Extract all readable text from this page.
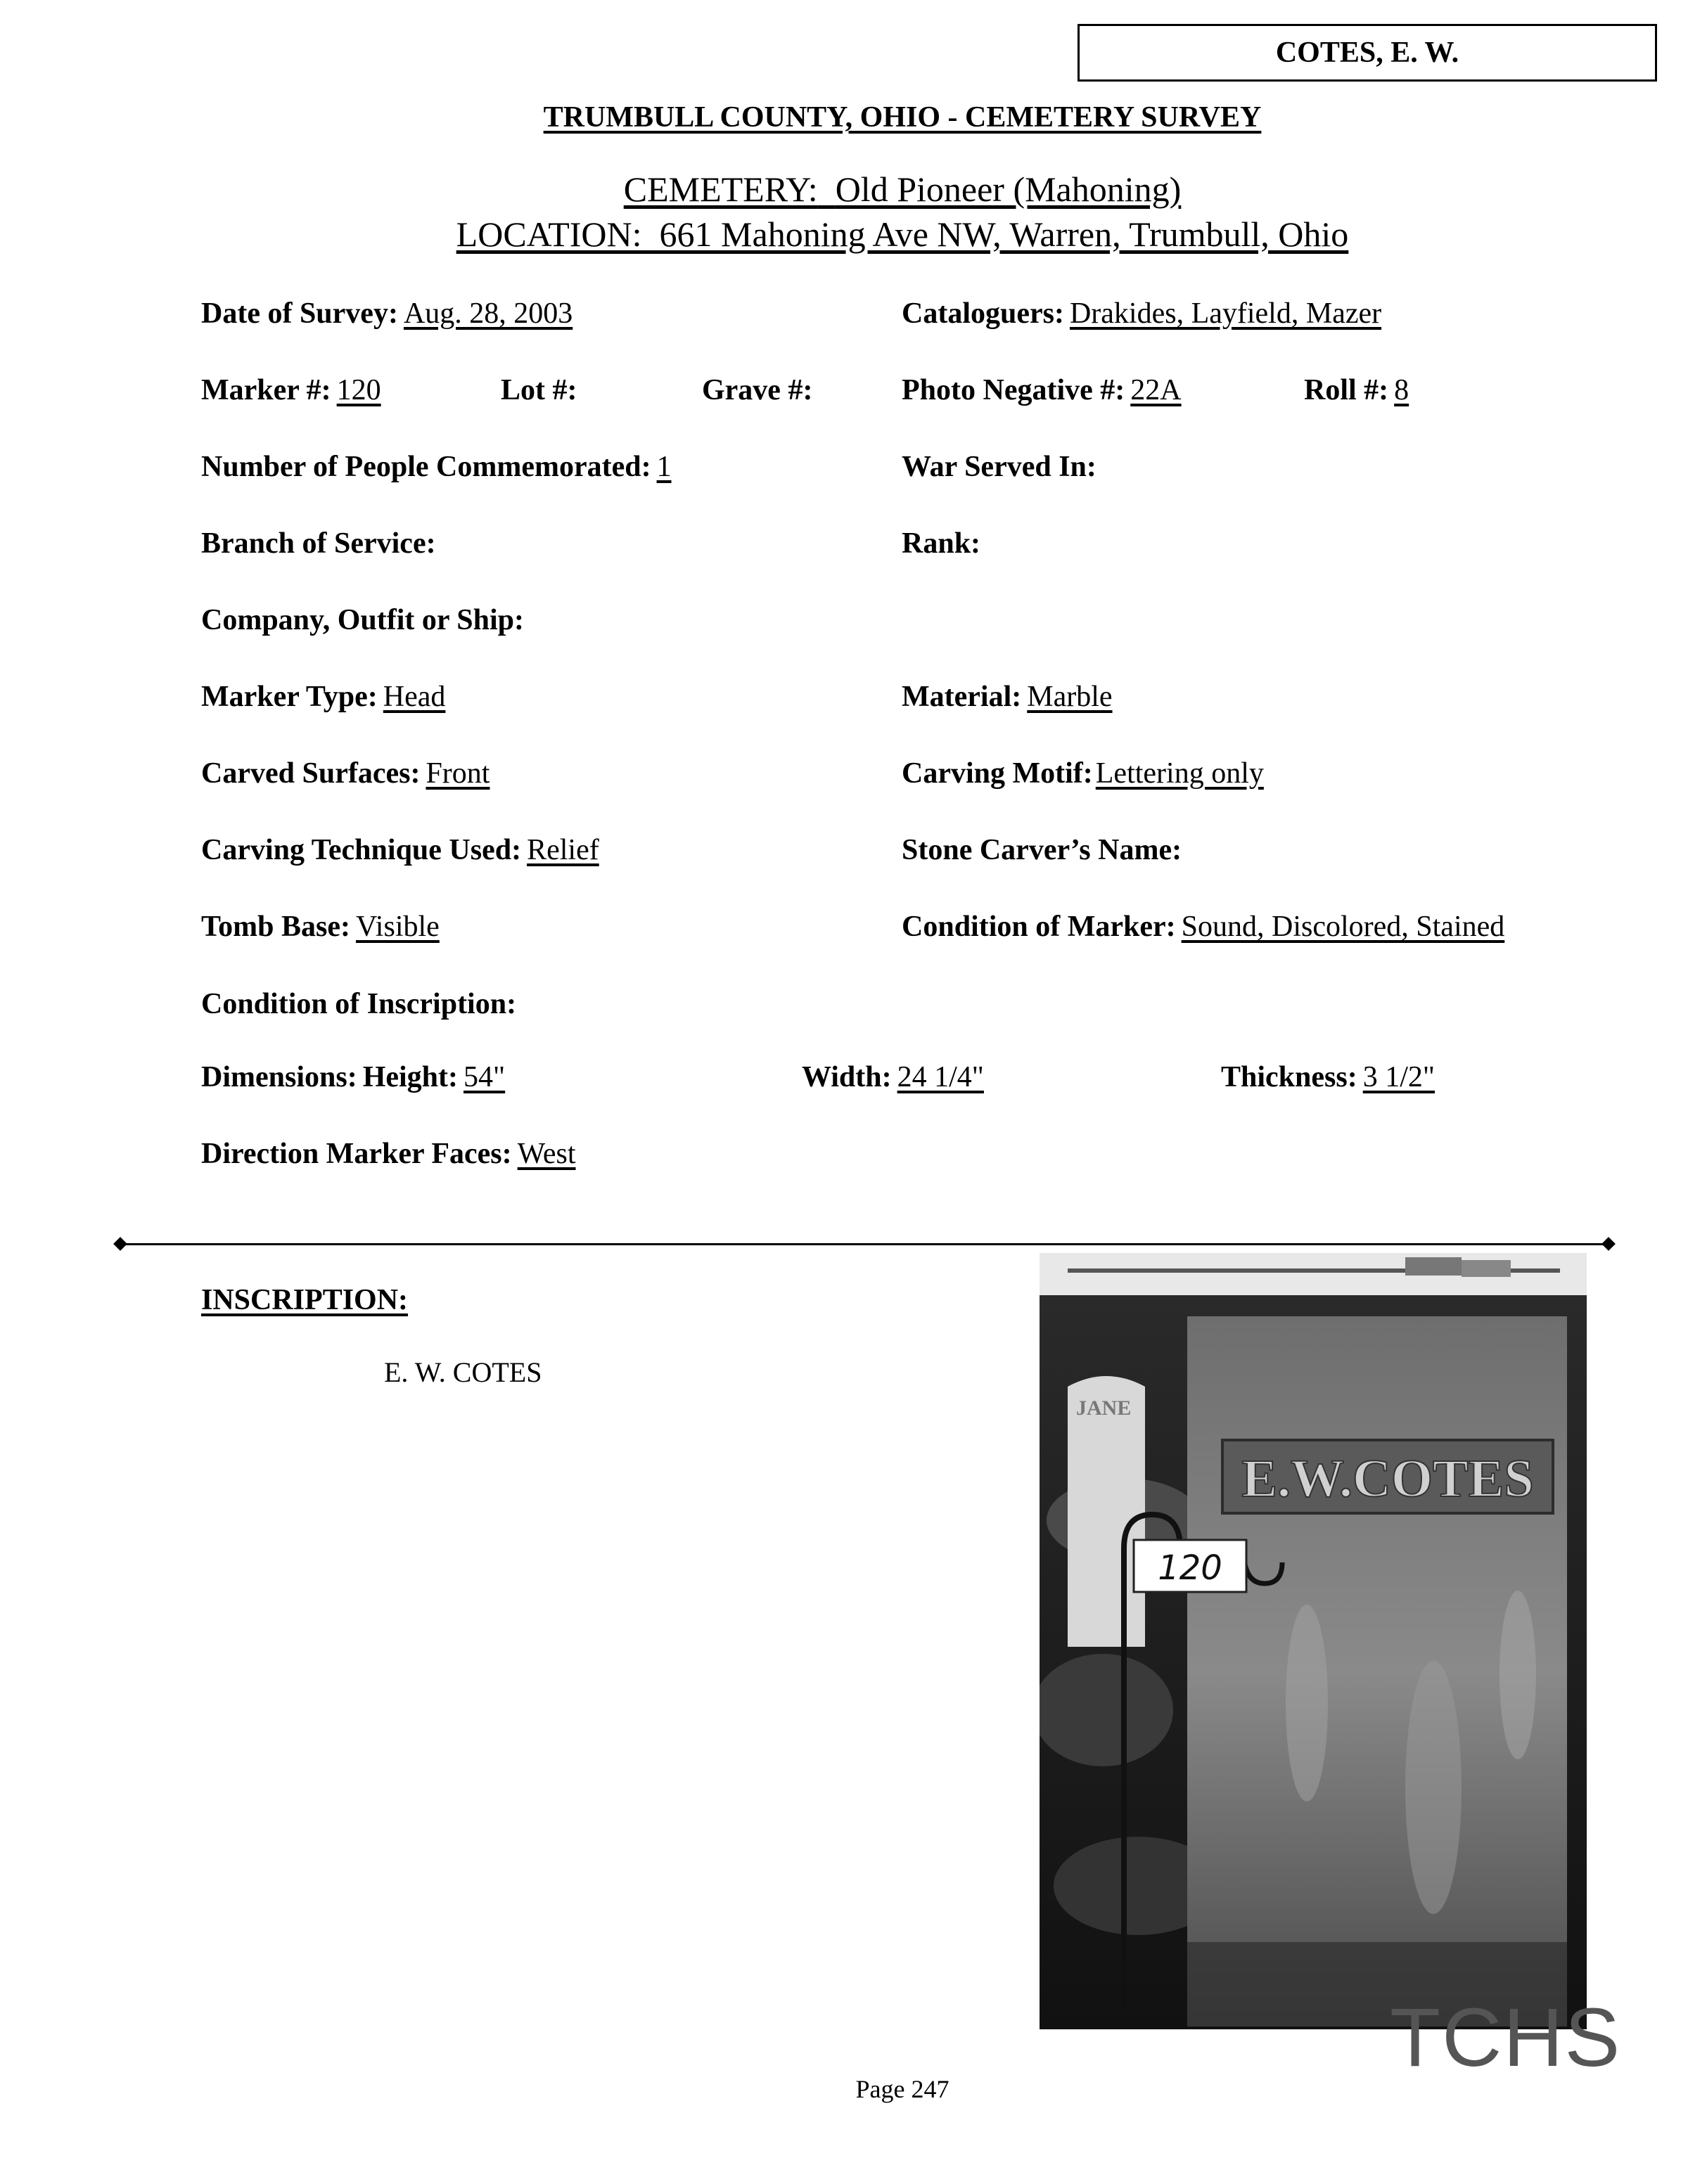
COTES, E. W.
TRUMBULL COUNTY, OHIO - CEMETERY SURVEY
CEMETERY: Old Pioneer (Mahoning)
LOCATION: 661 Mahoning Ave NW, Warren, Trumbull, Ohio
Date of Survey: Aug. 28, 2003	Cataloguers: Drakides, Layfield, Mazer
Marker #: 120	Lot #:	Grave #:	Photo Negative #: 22A	Roll #: 8
Number of People Commemorated: 1	War Served In:
Branch of Service:	Rank:
Company, Outfit or Ship:
Marker Type: Head	Material: Marble
Carved Surfaces: Front	Carving Motif: Lettering only
Carving Technique Used: Relief	Stone Carver’s Name:
Tomb Base: Visible	Condition of Marker: Sound, Discolored, Stained
Condition of Inscription:
Dimensions: Height: 54"	Width: 24 1/4"	Thickness: 3 1/2"
Direction Marker Faces: West
INSCRIPTION:
E. W. COTES
JANE
E.W.COTES
120
TCHS
Page 247
